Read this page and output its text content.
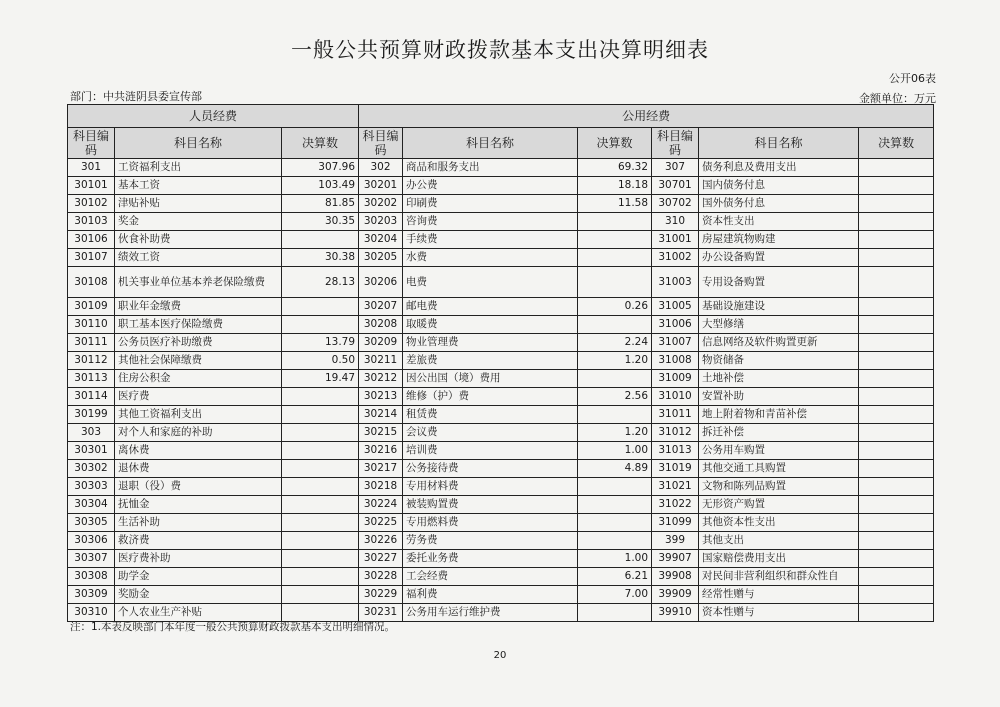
一般公共预算财政拨款基本支出决算明细表
公开06表
部门：中共涟阴县委宣传部	金额单位：万元
人员经费			公用经费					
科目编码	科目名称	决算数	科目编码	科目名称	决算数	科目编码	科目名称	决算数
301	工资福利支出	307.96	302	商品和服务支出	69.32	307	债务利息及费用支出	
30101	基本工资	103.49	30201	办公费	18.18	30701	国内债务付息	
30102	津贴补贴	81.85	30202	印刷费	11.58	30702	国外债务付息	
30103	奖金	30.35	30203	咨询费		310	资本性支出	
30106	伙食补助费		30204	手续费		31001	房屋建筑物购建	
30107	绩效工资	30.38	30205	水费		31002	办公设备购置	
30108	机关事业单位基本养老保险缴费	28.13	30206	电费		31003	专用设备购置	
30109	职业年金缴费		30207	邮电费	0.26	31005	基础设施建设	
30110	职工基本医疗保险缴费		30208	取暖费		31006	大型修缮	
30111	公务员医疗补助缴费	13.79	30209	物业管理费	2.24	31007	信息网络及软件购置更新	
30112	其他社会保障缴费	0.50	30211	差旅费	1.20	31008	物资储备	
30113	住房公积金	19.47	30212	因公出国（境）费用		31009	土地补偿	
30114	医疗费		30213	维修（护）费	2.56	31010	安置补助	
30199	其他工资福利支出		30214	租赁费		31011	地上附着物和青苗补偿	
303	对个人和家庭的补助		30215	会议费	1.20	31012	拆迁补偿	
30301	离休费		30216	培训费	1.00	31013	公务用车购置	
30302	退休费		30217	公务接待费	4.89	31019	其他交通工具购置	
30303	退职（役）费		30218	专用材料费		31021	文物和陈列品购置	
30304	抚恤金		30224	被装购置费		31022	无形资产购置	
30305	生活补助		30225	专用燃料费		31099	其他资本性支出	
30306	救济费		30226	劳务费		399	其他支出	
30307	医疗费补助		30227	委托业务费	1.00	39907	国家赔偿费用支出	
30308	助学金		30228	工会经费	6.21	39908	对民间非营利组织和群众性自	
30309	奖励金		30229	福利费	7.00	39909	经常性赠与	
30310	个人农业生产补贴		30231	公务用车运行维护费		39910	资本性赠与	
注：1.本表反映部门本年度一般公共预算财政拨款基本支出明细情况。
20
